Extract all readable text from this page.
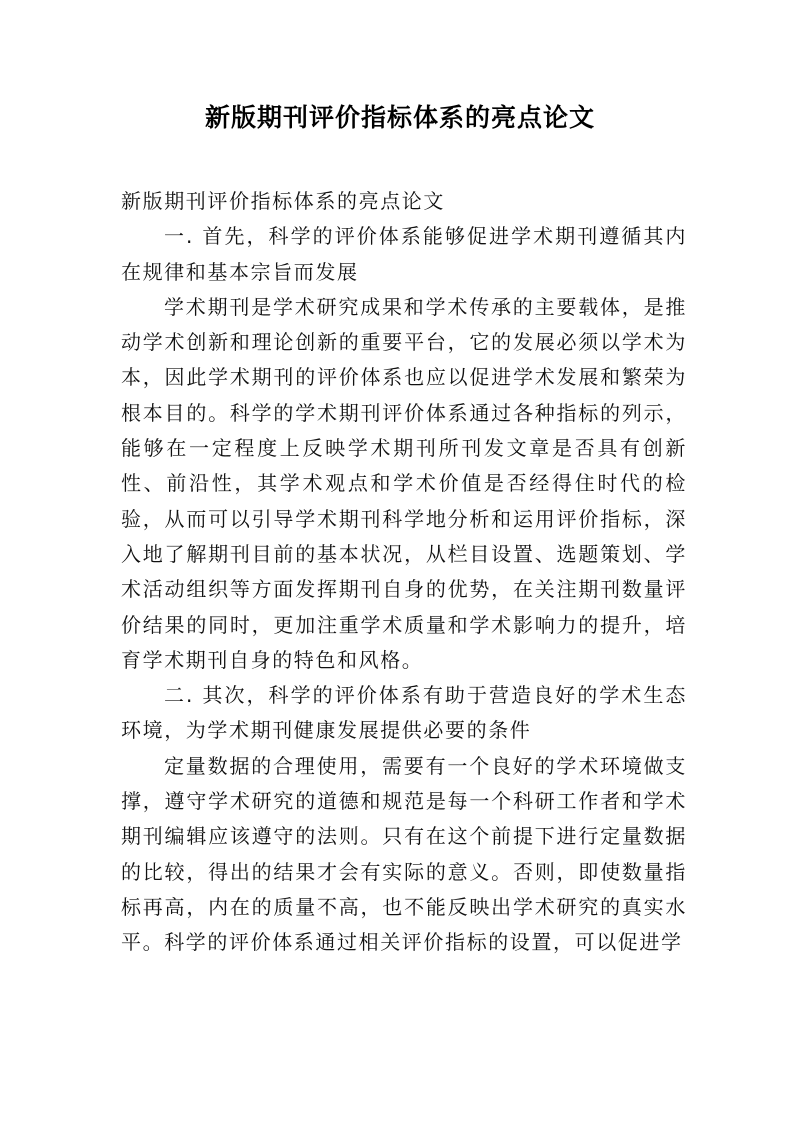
新版期刊评价指标体系的亮点论文

新版期刊评价指标体系的亮点论文

一. 首先，科学的评价体系能够促进学术期刊遵循其内在规律和基本宗旨而发展

学术期刊是学术研究成果和学术传承的主要载体，是推动学术创新和理论创新的重要平台，它的发展必须以学术为本，因此学术期刊的评价体系也应以促进学术发展和繁荣为根本目的。科学的学术期刊评价体系通过各种指标的列示，能够在一定程度上反映学术期刊所刊发文章是否具有创新性、前沿性，其学术观点和学术价值是否经得住时代的检验，从而可以引导学术期刊科学地分析和运用评价指标，深入地了解期刊目前的基本状况，从栏目设置、选题策划、学术活动组织等方面发挥期刊自身的优势，在关注期刊数量评价结果的同时，更加注重学术质量和学术影响力的提升，培育学术期刊自身的特色和风格。

二. 其次，科学的评价体系有助于营造良好的学术生态环境，为学术期刊健康发展提供必要的条件

定量数据的合理使用，需要有一个良好的学术环境做支撑，遵守学术研究的道德和规范是每一个科研工作者和学术期刊编辑应该遵守的法则。只有在这个前提下进行定量数据的比较，得出的结果才会有实际的意义。否则，即使数量指标再高，内在的质量不高，也不能反映出学术研究的真实水平。科学的评价体系通过相关评价指标的设置，可以促进学
